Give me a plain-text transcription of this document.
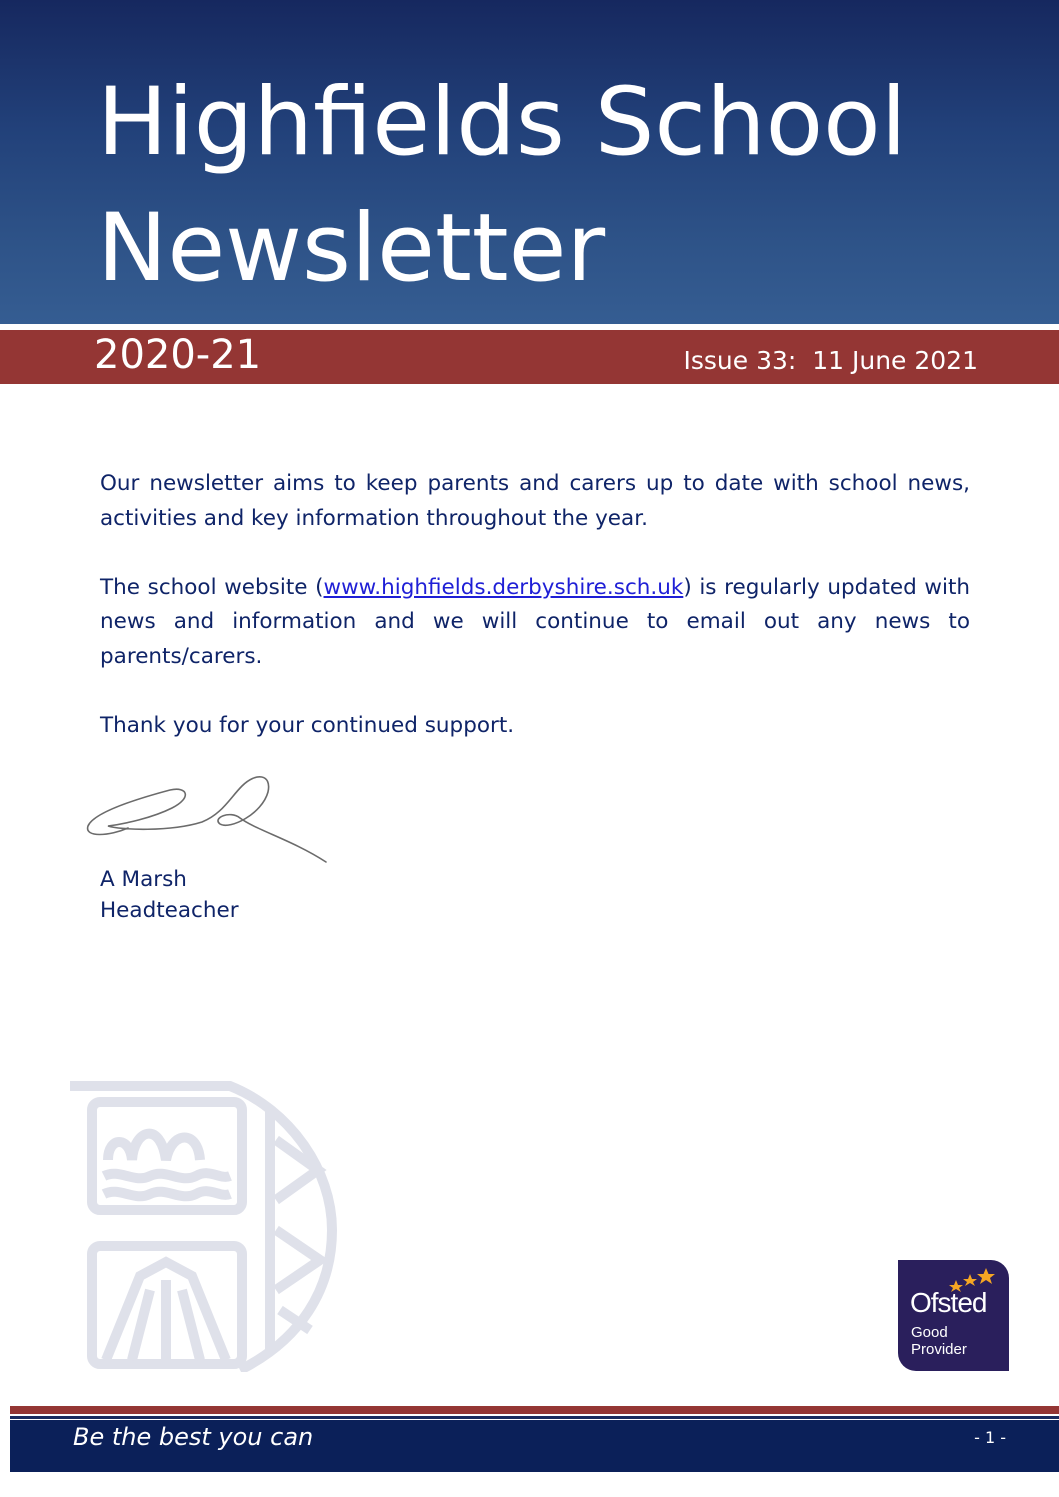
Highfields School
Newsletter
2020-21	Issue 33:  11 June 2021

Our newsletter aims to keep parents and carers up to date with school news, activities and key information throughout the year.

The school website (www.highfields.derbyshire.sch.uk) is regularly updated with news and information and we will continue to email out any news to parents/carers.

Thank you for your continued support.

A Marsh
Headteacher
Ofsted
Good
Provider
Be the best you can	- 1 -
